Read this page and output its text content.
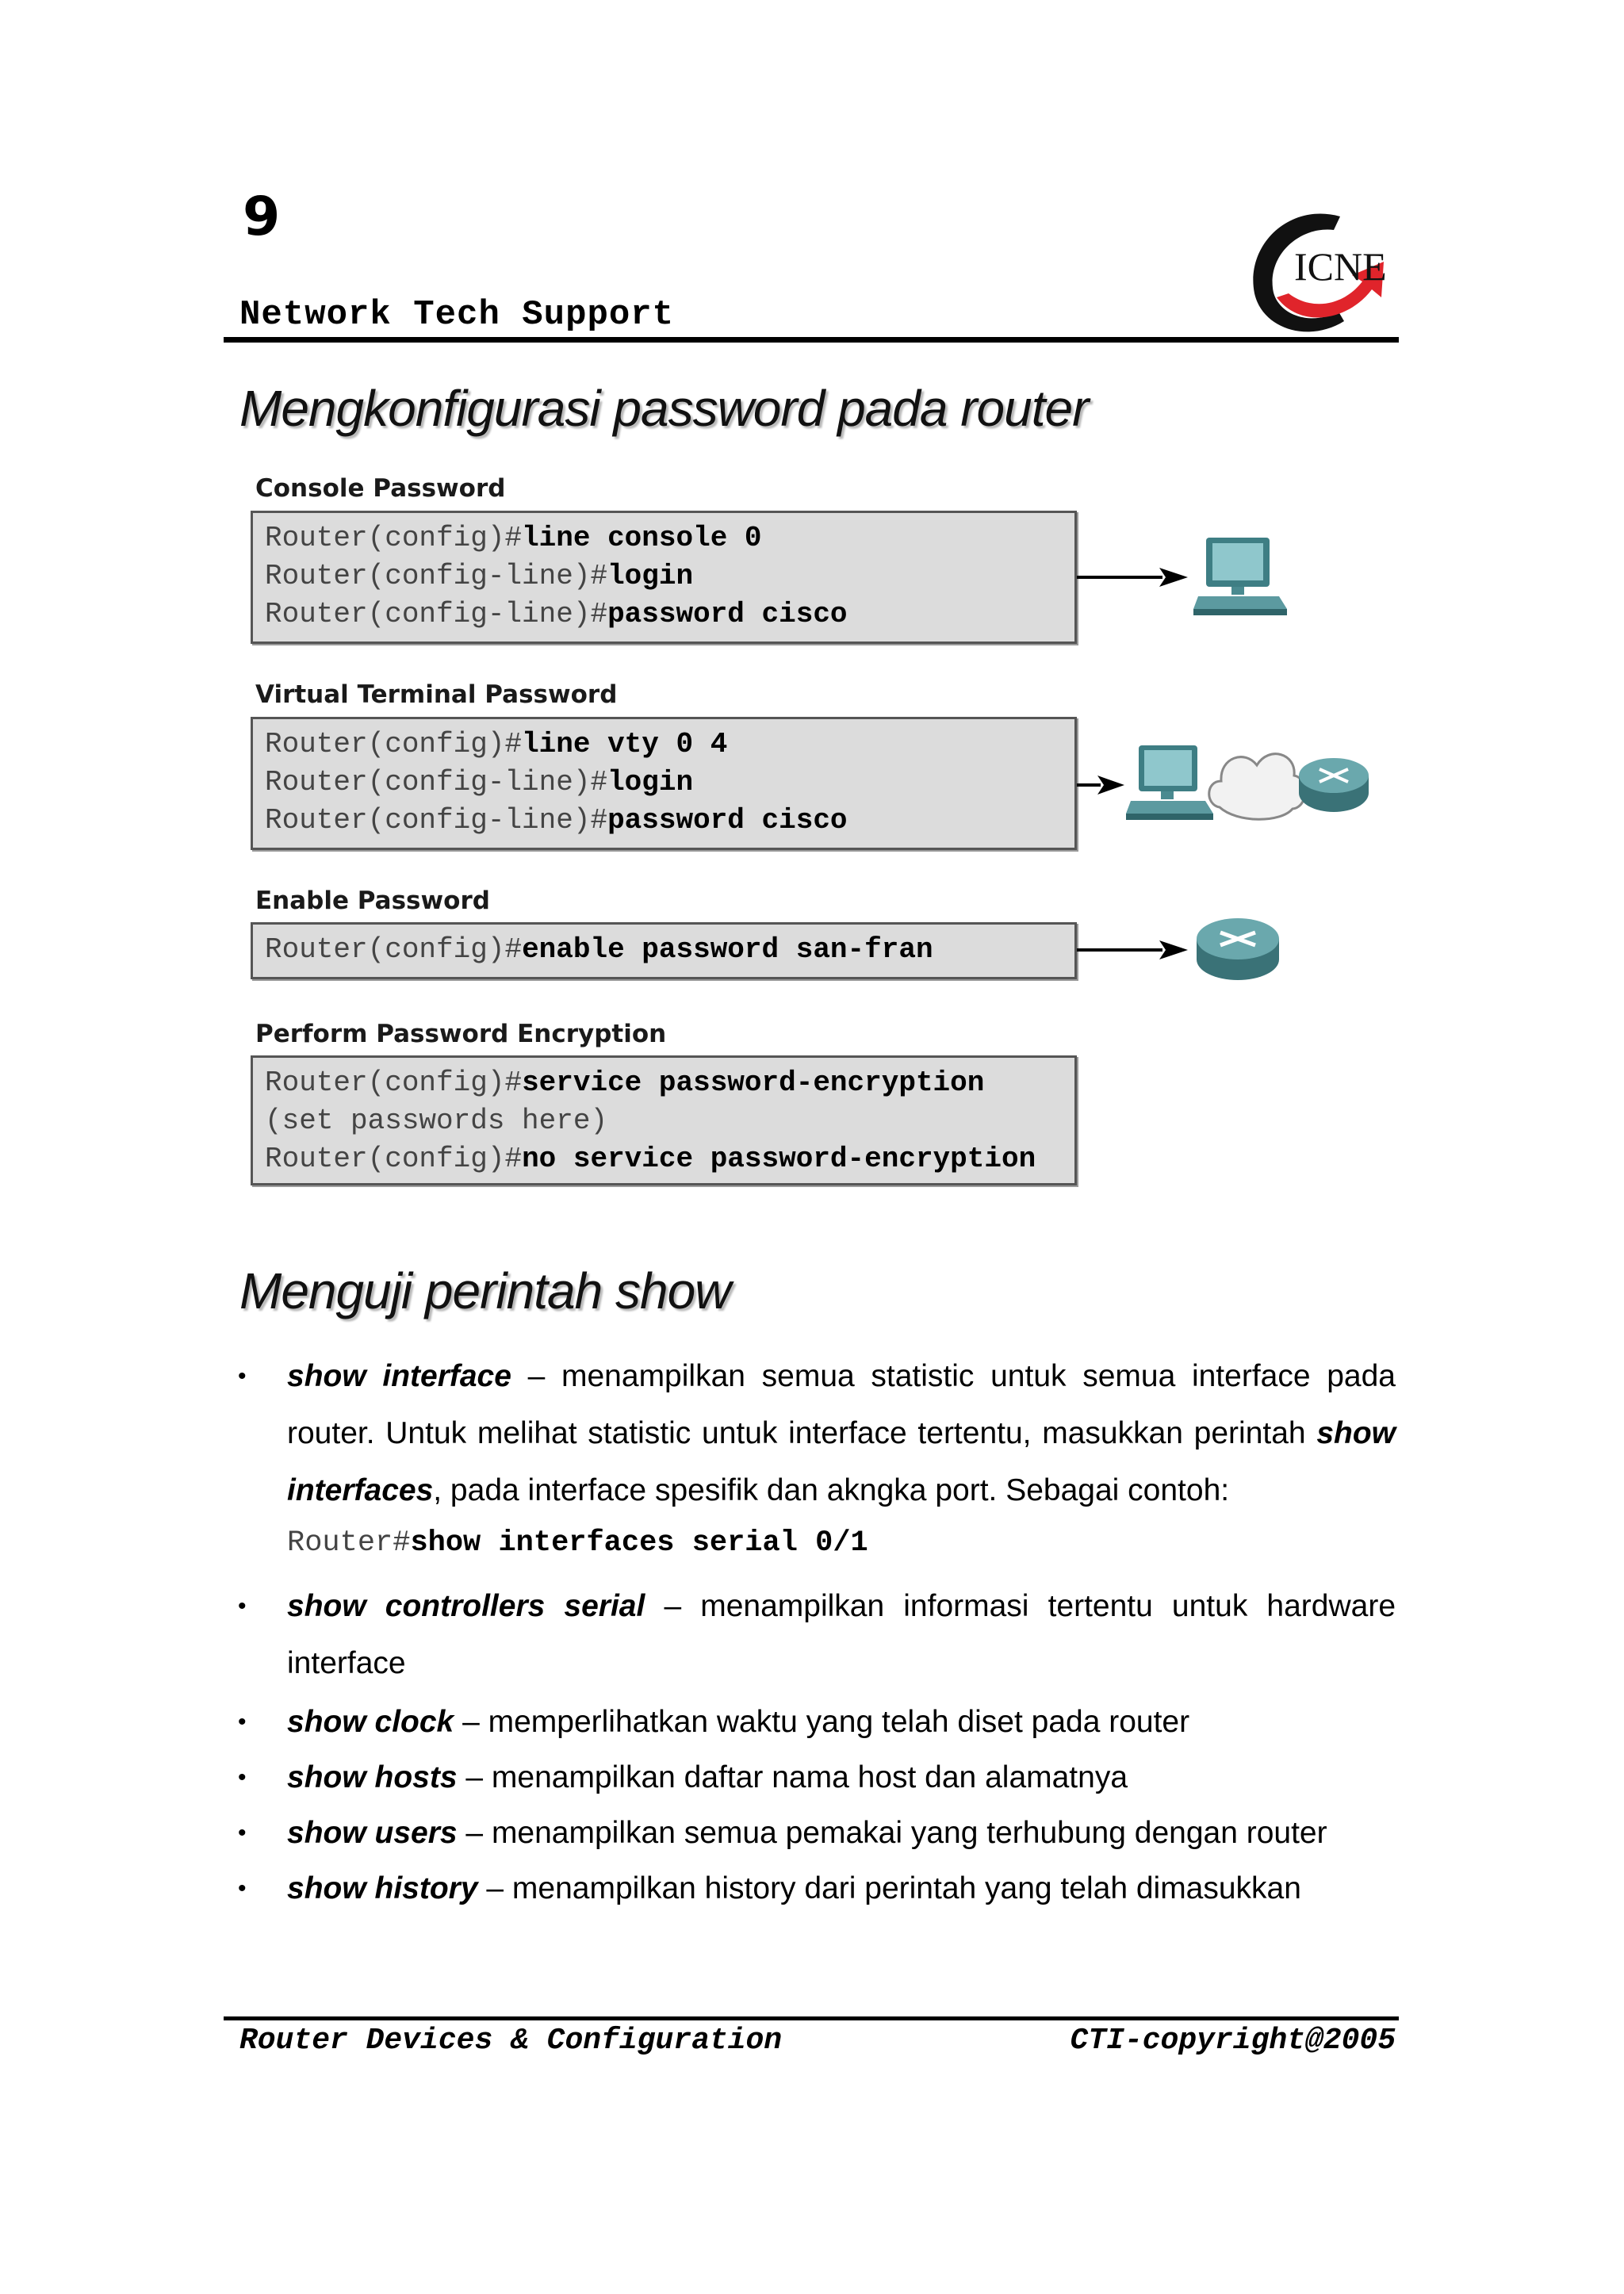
9
Network Tech Support
ICNE
Mengkonfigurasi password pada router
Console Password
Router(config)#line console 0
Router(config-line)#login
Router(config-line)#password cisco
Virtual Terminal Password
Router(config)#line vty 0 4
Router(config-line)#login
Router(config-line)#password cisco
Enable Password
Router(config)#enable password san-fran
Perform Password Encryption
Router(config)#service password-encryption
(set passwords here)
Router(config)#no service password-encryption
Menguji perintah show
• show interface – menampilkan semua statistic untuk semua interface pada router. Untuk melihat statistic untuk interface tertentu, masukkan perintah show interfaces, pada interface spesifik dan akngka port. Sebagai contoh:
Router#show interfaces serial 0/1
• show controllers serial – menampilkan informasi tertentu untuk hardware interface
• show clock – memperlihatkan waktu yang telah diset pada router
• show hosts – menampilkan daftar nama host dan alamatnya
• show users – menampilkan semua pemakai yang terhubung dengan router
• show history – menampilkan history dari perintah yang telah dimasukkan
Router Devices & Configuration	CTI-copyright@2005
